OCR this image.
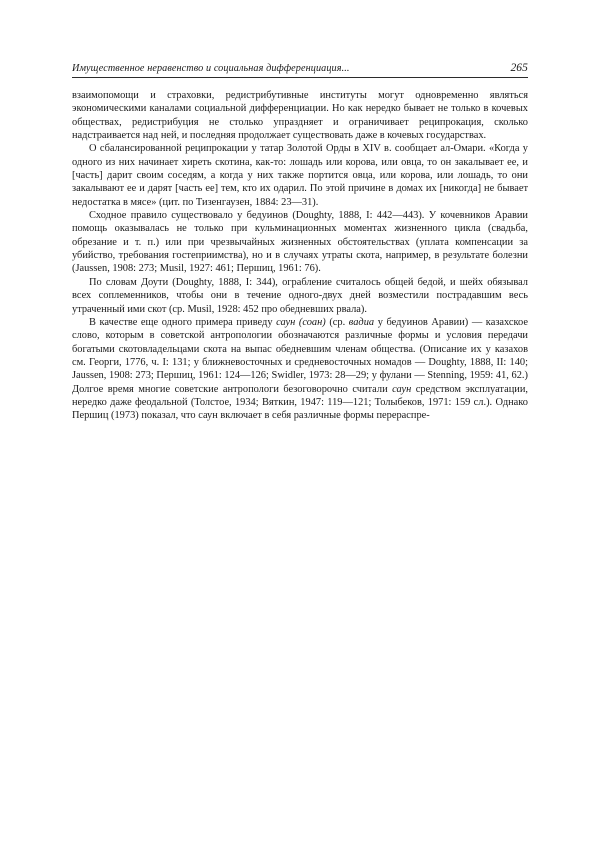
Имущественное неравенство и социальная дифференциация...	265

взаимопомощи и страховки, редистрибутивные институты могут одновременно являться экономическими каналами социальной дифференциации. Но как нередко бывает не только в кочевых обществах, редистрибуция не столько упраздняет и ограничивает реципрокация, сколько надстраивается над ней, и последняя продолжает существовать даже в кочевых государствах.

О сбалансированной реципрокации у татар Золотой Орды в XIV в. сообщает ал-Омари. «Когда у одного из них начинает хиреть скотина, как-то: лошадь или корова, или овца, то он закалывает ее, и [часть] дарит своим соседям, а когда у них также портится овца, или корова, или лошадь, то они закалывают ее и дарят [часть ее] тем, кто их одарил. По этой причине в домах их [никогда] не бывает недостатка в мясе» (цит. по Тизенгаузен, 1884: 23—31).

Сходное правило существовало у бедуинов (Doughty, 1888, I: 442—443). У кочевников Аравии помощь оказывалась не только при кульминационных моментах жизненного цикла (свадьба, обрезание и т. п.) или при чрезвычайных жизненных обстоятельствах (уплата компенсации за убийство, требования гостеприимства), но и в случаях утраты скота, например, в результате болезни (Jaussen, 1908: 273; Musil, 1927: 461; Першиц, 1961: 76).

По словам Доути (Doughty, 1888, I: 344), ограбление считалось общей бедой, и шейх обязывал всех соплеменников, чтобы они в течение одного-двух дней возместили пострадавшим весь утраченный ими скот (ср. Musil, 1928: 452 про обедневших рвала).

В качестве еще одного примера приведу саун (соан) (ср. вадиа у бедуинов Аравии) — казахское слово, которым в советской антропологии обозначаются различные формы и условия передачи богатыми скотовладельцами скота на выпас обедневшим членам общества. (Описание их у казахов см. Георги, 1776, ч. I: 131; у ближневосточных и средневосточных номадов — Doughty, 1888, II: 140; Jaussen, 1908: 273; Першиц, 1961: 124—126; Swidler, 1973: 28—29; у фулани — Stenning, 1959: 41, 62.) Долгое время многие советские антропологи безоговорочно считали саун средством эксплуатации, нередко даже феодальной (Толстое, 1934; Вяткин, 1947: 119—121; Толыбеков, 1971: 159 сл.). Однако Першиц (1973) показал, что саун включает в себя различные формы перераспре-
